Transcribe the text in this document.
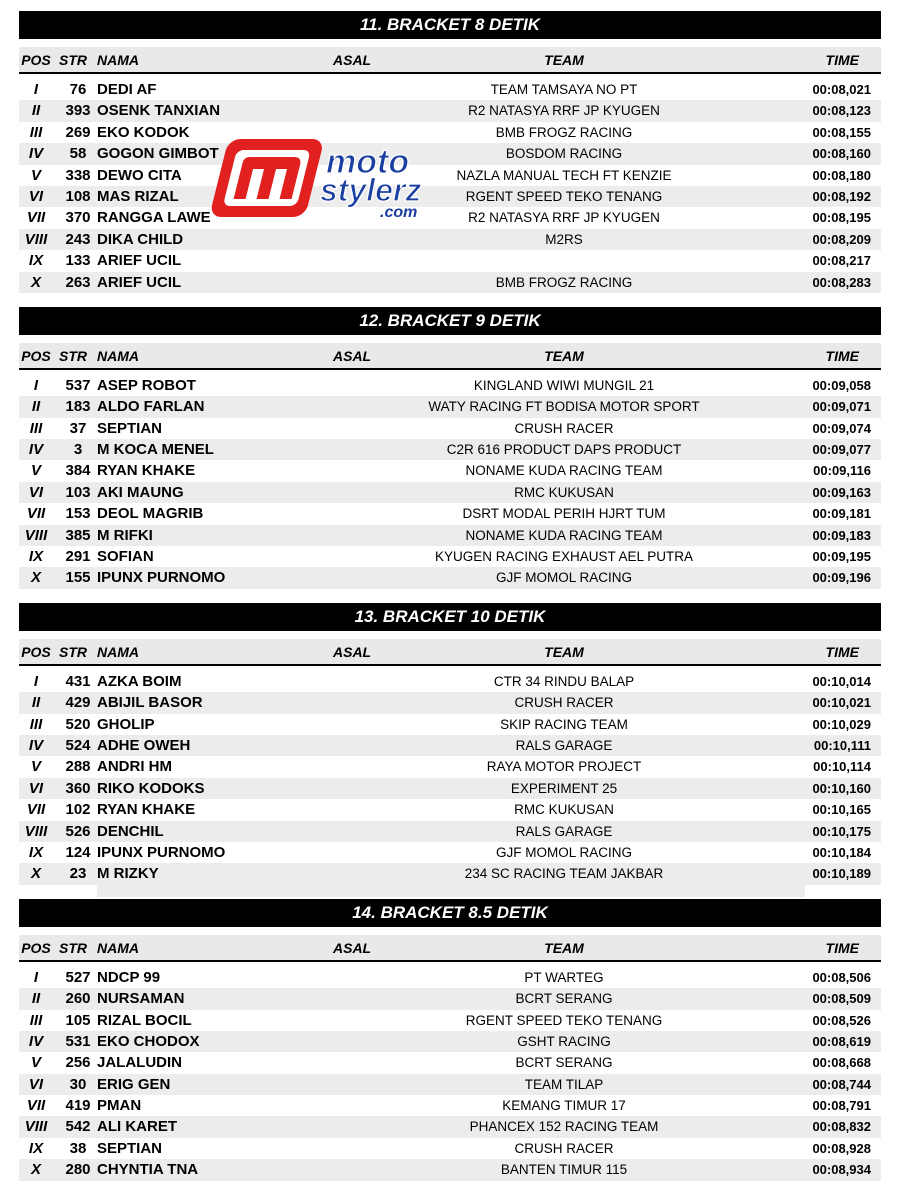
11. BRACKET 8 DETIK
POS STR NAMA	ASAL	TEAM	TIME
I	76 DEDI AF	TEAM TAMSAYA NO PT	00:08,021
II	393 OSENK TANXIAN	R2 NATASYA RRF JP KYUGEN	00:08,123
III	269 EKO KODOK	BMB FROGZ RACING	00:08,155
IV	58 GOGON GIMBOT	BOSDOM RACING	00:08,160
V	338 DEWO CITA	NAZLA MANUAL TECH FT KENZIE	00:08,180
VI	108 MAS RIZAL	RGENT SPEED TEKO TENANG	00:08,192
VII	370 RANGGA LAWE	R2 NATASYA RRF JP KYUGEN	00:08,195
VIII	243 DIKA CHILD	M2RS	00:08,209
IX	133 ARIEF UCIL	00:08,217
X	263 ARIEF UCIL	BMB FROGZ RACING	00:08,283
12. BRACKET 9 DETIK
POS STR NAMA	ASAL	TEAM	TIME
I	537 ASEP ROBOT	KINGLAND WIWI MUNGIL 21	00:09,058
II	183 ALDO FARLAN	WATY RACING FT BODISA MOTOR SPORT	00:09,071
III	37 SEPTIAN	CRUSH RACER	00:09,074
IV	3 M KOCA MENEL	C2R 616 PRODUCT DAPS PRODUCT	00:09,077
V	384 RYAN KHAKE	NONAME KUDA RACING TEAM	00:09,116
VI	103 AKI MAUNG	RMC KUKUSAN	00:09,163
VII	153 DEOL MAGRIB	DSRT MODAL PERIH HJRT TUM	00:09,181
VIII	385 M RIFKI	NONAME KUDA RACING TEAM	00:09,183
IX	291 SOFIAN	KYUGEN RACING EXHAUST AEL PUTRA	00:09,195
X	155 IPUNX PURNOMO	GJF MOMOL RACING	00:09,196
13. BRACKET 10 DETIK
POS STR NAMA	ASAL	TEAM	TIME
I	431 AZKA BOIM	CTR 34 RINDU BALAP	00:10,014
II	429 ABIJIL BASOR	CRUSH RACER	00:10,021
III	520 GHOLIP	SKIP RACING TEAM	00:10,029
IV	524 ADHE OWEH	RALS GARAGE	00:10,111
V	288 ANDRI HM	RAYA MOTOR PROJECT	00:10,114
VI	360 RIKO KODOKS	EXPERIMENT 25	00:10,160
VII	102 RYAN KHAKE	RMC KUKUSAN	00:10,165
VIII	526 DENCHIL	RALS GARAGE	00:10,175
IX	124 IPUNX PURNOMO	GJF MOMOL RACING	00:10,184
X	23 M RIZKY	234 SC RACING TEAM JAKBAR	00:10,189
14. BRACKET 8.5 DETIK
POS STR NAMA	ASAL	TEAM	TIME
I	527 NDCP 99	PT WARTEG	00:08,506
II	260 NURSAMAN	BCRT SERANG	00:08,509
III	105 RIZAL BOCIL	RGENT SPEED TEKO TENANG	00:08,526
IV	531 EKO CHODOX	GSHT RACING	00:08,619
V	256 JALALUDIN	BCRT SERANG	00:08,668
VI	30 ERIG GEN	TEAM TILAP	00:08,744
VII	419 PMAN	KEMANG TIMUR 17	00:08,791
VIII	542 ALI KARET	PHANCEX 152 RACING TEAM	00:08,832
IX	38 SEPTIAN	CRUSH RACER	00:08,928
X	280 CHYNTIA TNA	BANTEN TIMUR 115	00:08,934
moto
stylerz
.com
